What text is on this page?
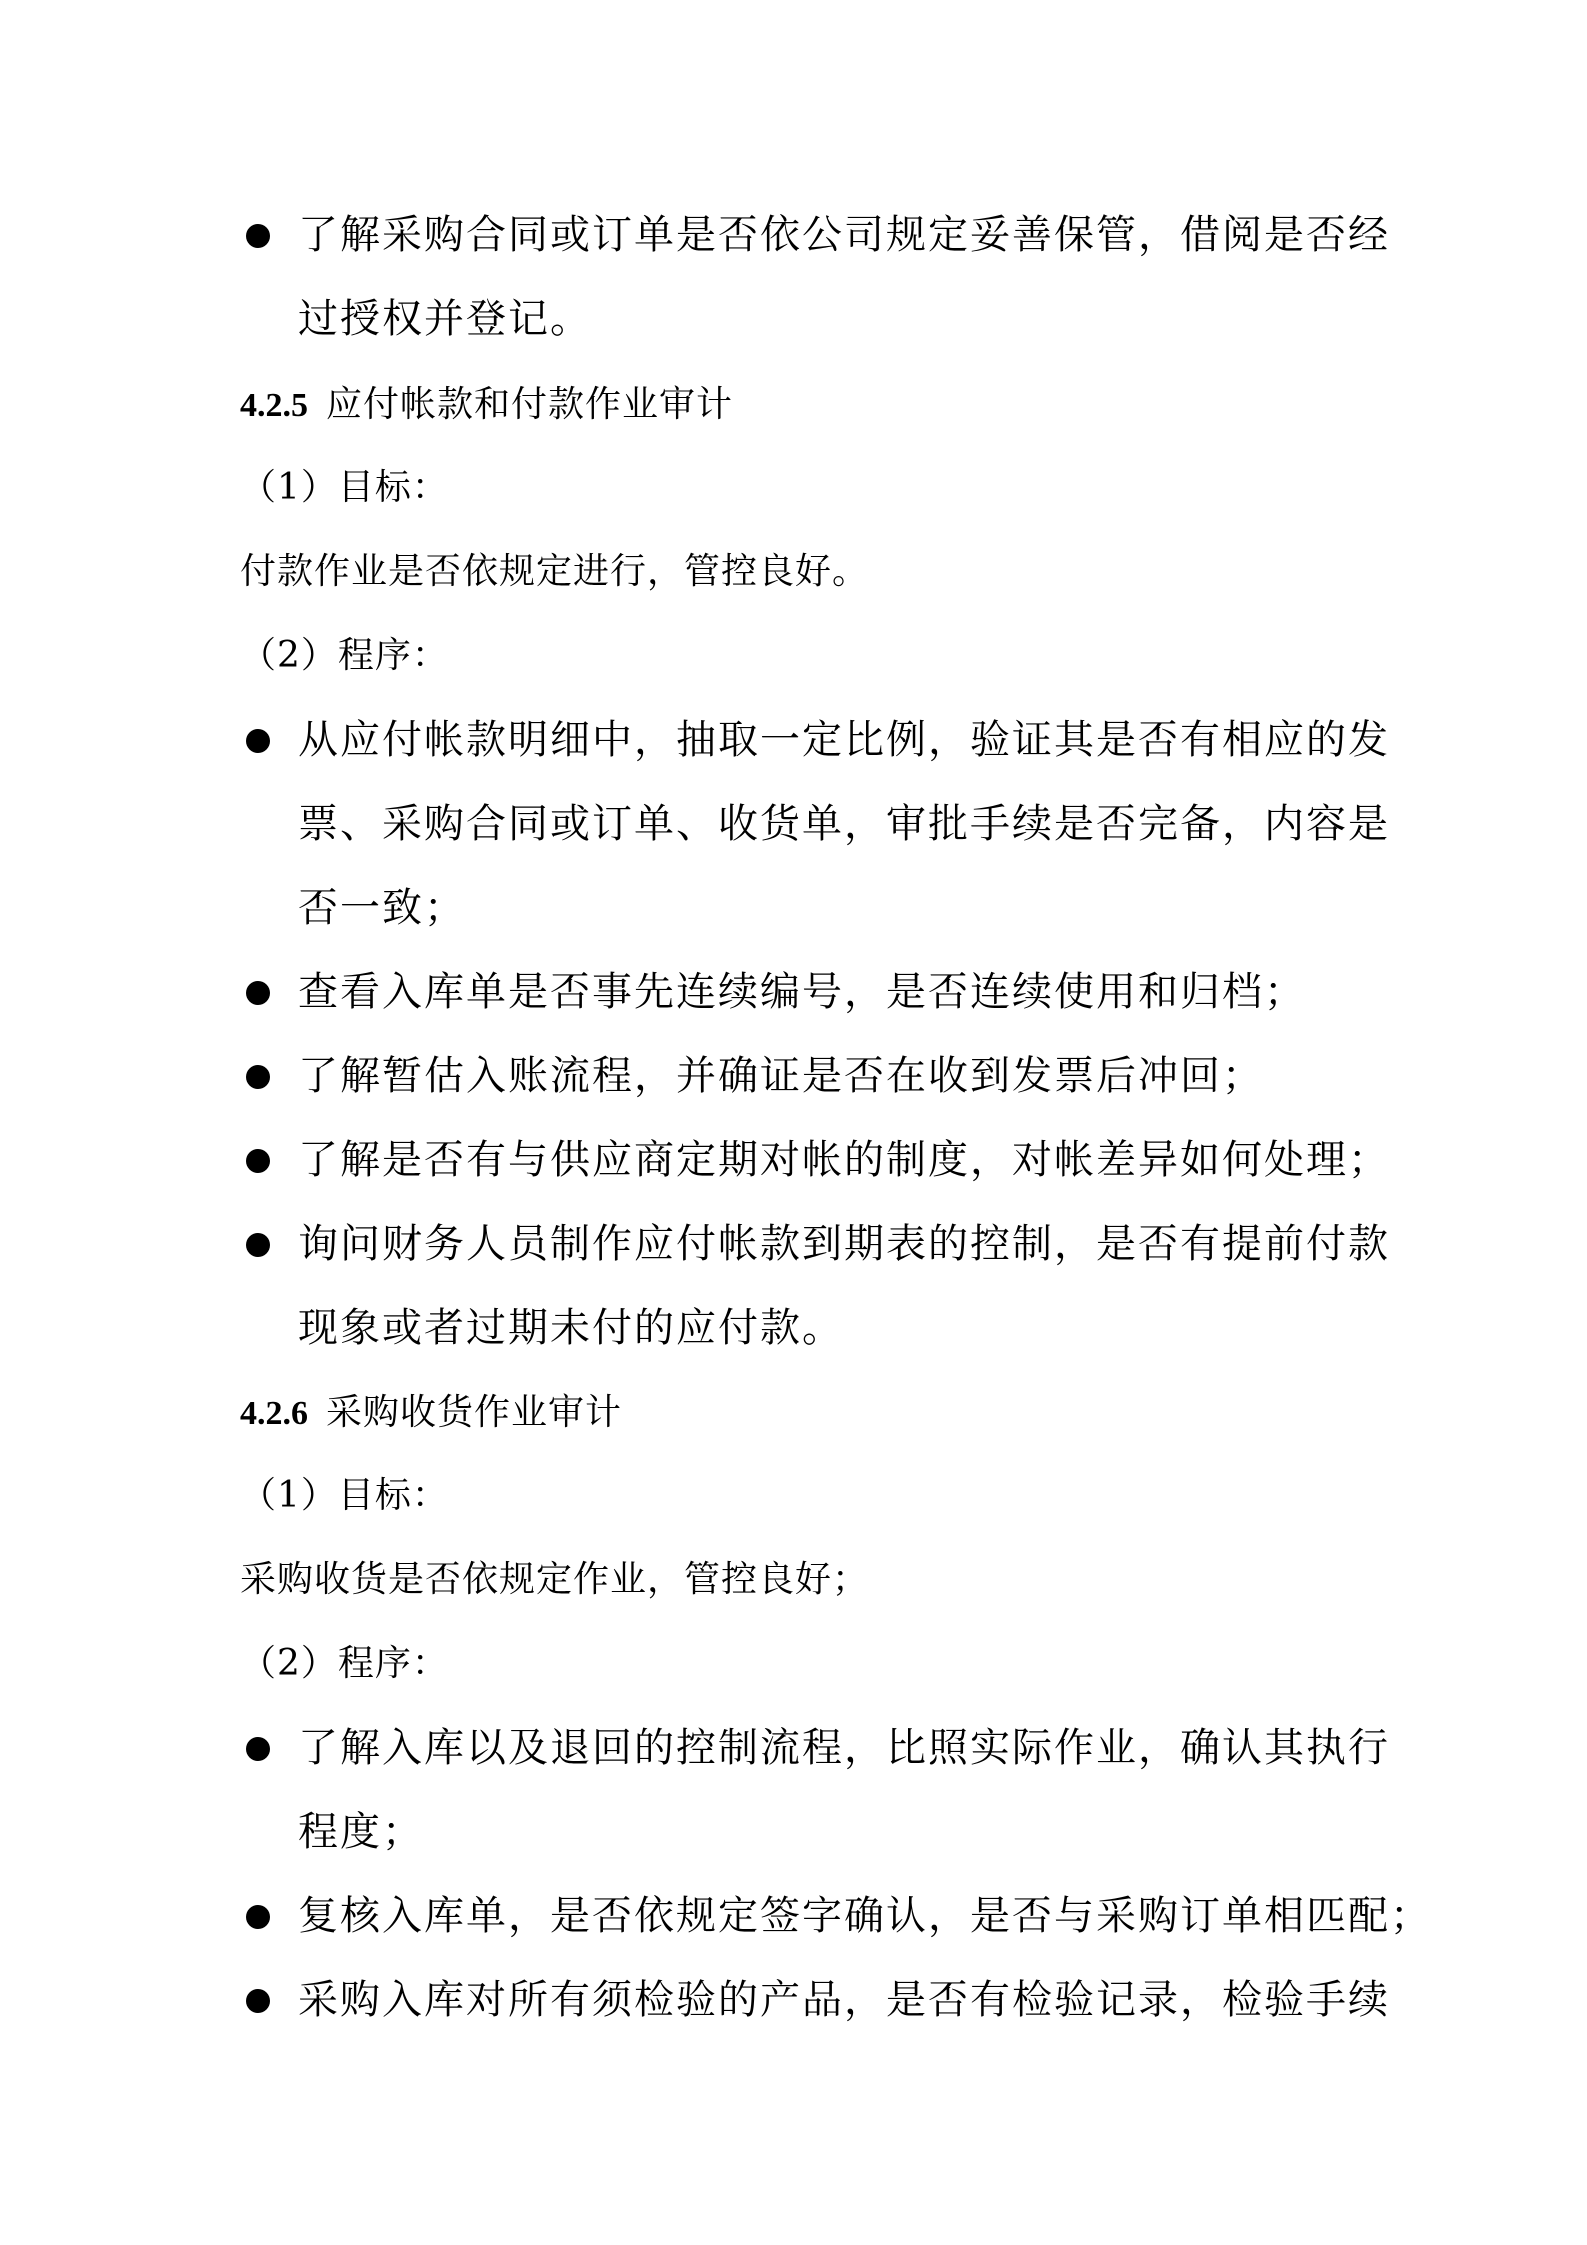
了解采购合同或订单是否依公司规定妥善保管，借阅是否经
过授权并登记。
4.2.5 应付帐款和付款作业审计
（1）目标：
付款作业是否依规定进行，管控良好。
（2）程序：
从应付帐款明细中，抽取一定比例，验证其是否有相应的发
票、采购合同或订单、收货单，审批手续是否完备，内容是
否一致；
查看入库单是否事先连续编号，是否连续使用和归档；
了解暂估入账流程，并确证是否在收到发票后冲回；
了解是否有与供应商定期对帐的制度，对帐差异如何处理；
询问财务人员制作应付帐款到期表的控制，是否有提前付款
现象或者过期未付的应付款。
4.2.6 采购收货作业审计
（1）目标：
采购收货是否依规定作业，管控良好；
（2）程序：
了解入库以及退回的控制流程，比照实际作业，确认其执行
程度；
复核入库单，是否依规定签字确认，是否与采购订单相匹配；
采购入库对所有须检验的产品，是否有检验记录，检验手续
